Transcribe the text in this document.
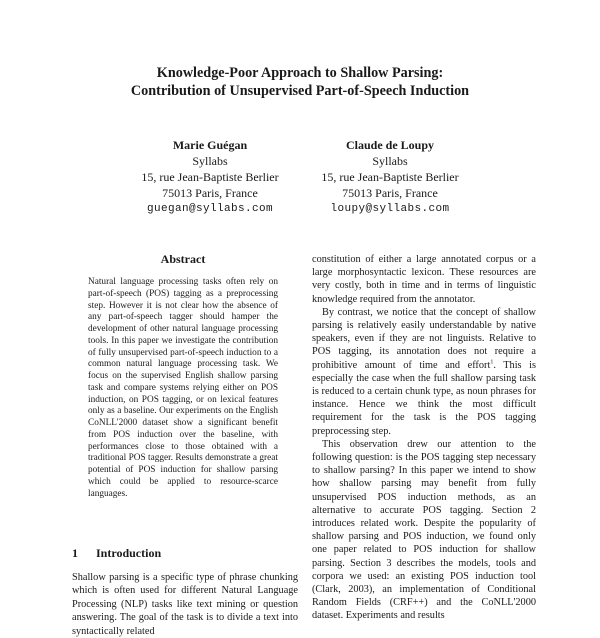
Knowledge-Poor Approach to Shallow Parsing:
Contribution of Unsupervised Part-of-Speech Induction
Marie Guégan
Syllabs
15, rue Jean-Baptiste Berlier
75013 Paris, France
guegan@syllabs.com
Claude de Loupy
Syllabs
15, rue Jean-Baptiste Berlier
75013 Paris, France
loupy@syllabs.com
Abstract

Natural language processing tasks often rely on part-of-speech (POS) tagging as a preprocessing step. However it is not clear how the absence of any part-of-speech tagger should hamper the development of other natural language processing tools. In this paper we investigate the contribution of fully unsupervised part-of-speech induction to a common natural language processing task. We focus on the supervised English shallow parsing task and compare systems relying either on POS induction, on POS tagging, or on lexical features only as a baseline. Our experiments on the English CoNLL'2000 dataset show a significant benefit from POS induction over the baseline, with performances close to those obtained with a traditional POS tagger. Results demonstrate a great potential of POS induction for shallow parsing which could be applied to resource-scarce languages.

1 Introduction

Shallow parsing is a specific type of phrase chunking which is often used for different Natural Language Processing (NLP) tasks like text mining or question answering. The goal of the task is to divide a text into syntactically related

constitution of either a large annotated corpus or a large morphosyntactic lexicon. These resources are very costly, both in time and in terms of linguistic knowledge required from the annotator.

By contrast, we notice that the concept of shallow parsing is relatively easily understandable by native speakers, even if they are not linguists. Relative to POS tagging, its annotation does not require a prohibitive amount of time and effort$^1$. This is especially the case when the full shallow parsing task is reduced to a certain chunk type, as noun phrases for instance. Hence we think the most difficult requirement for the task is the POS tagging preprocessing step.

This observation drew our attention to the following question: is the POS tagging step necessary to shallow parsing? In this paper we intend to show how shallow parsing may benefit from fully unsupervised POS induction methods, as an alternative to accurate POS tagging. Section 2 introduces related work. Despite the popularity of shallow parsing and POS induction, we found only one paper related to POS induction for shallow parsing. Section 3 describes the models, tools and corpora we used: an existing POS induction tool (Clark, 2003), an implementation of Conditional Random Fields (CRF++) and the CoNLL'2000 dataset. Experiments and results
